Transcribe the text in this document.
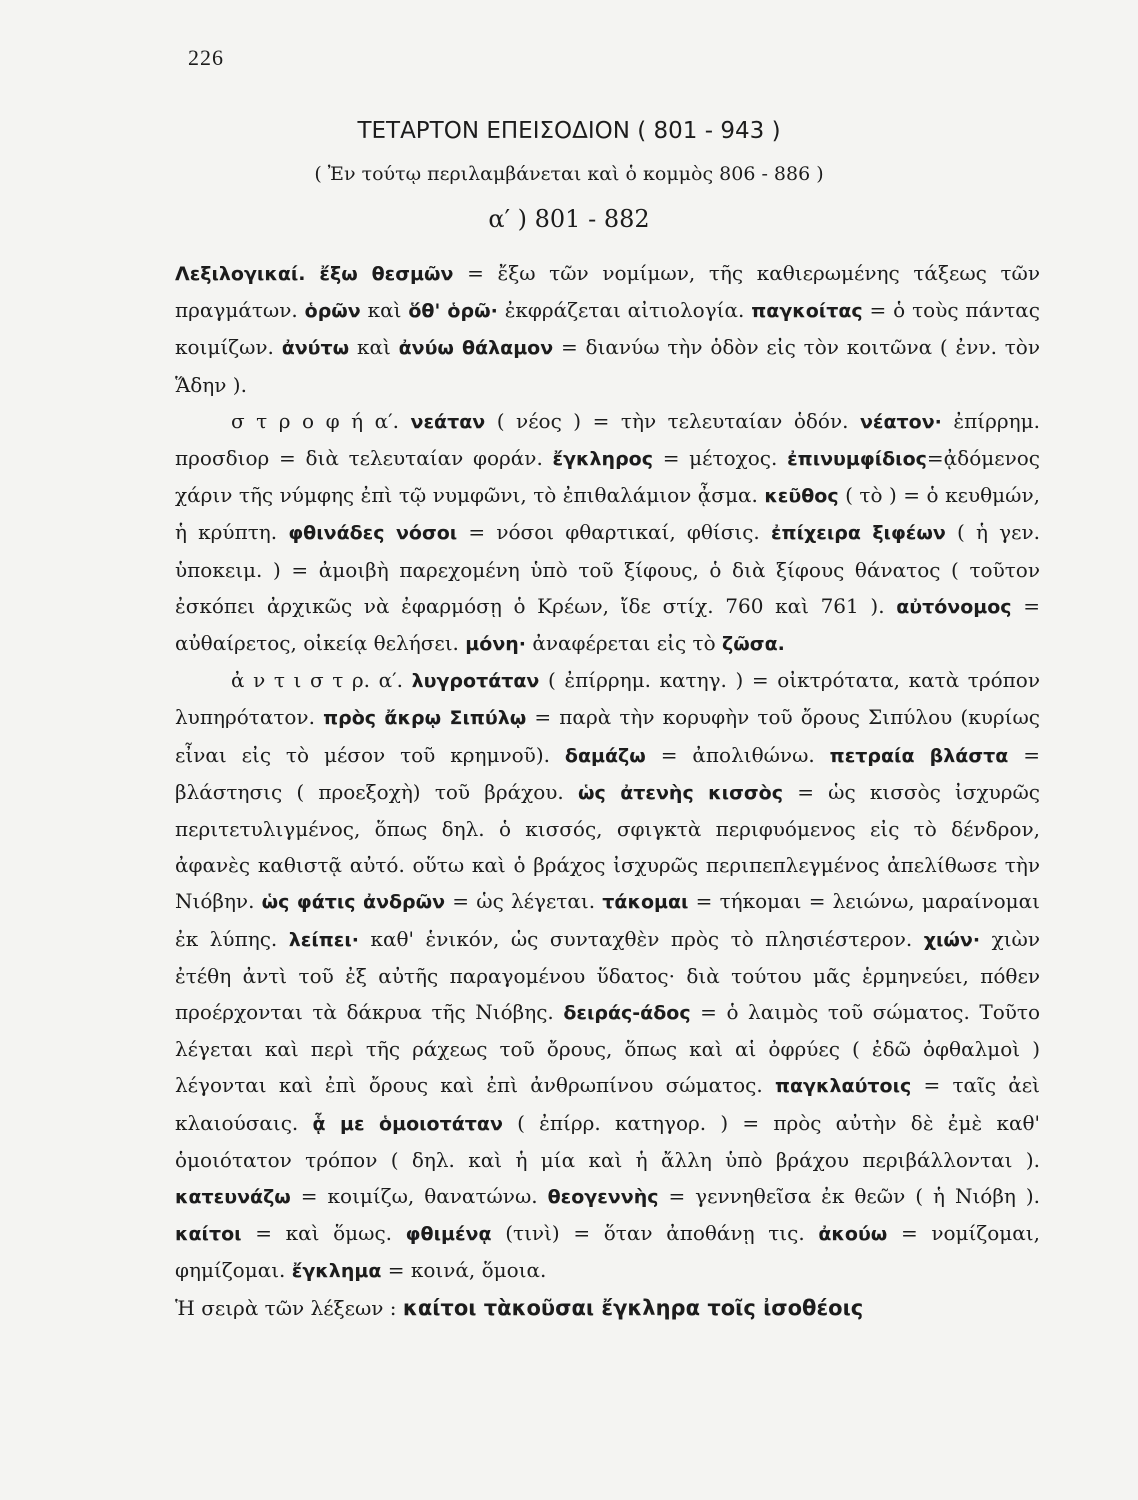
226
ΤΕΤΑΡΤΟΝ ΕΠΕΙΣΟΔΙΟΝ ( 801 - 943 )
( Ἐν τούτῳ περιλαμβάνεται καὶ ὁ κομμὸς 806 - 886 )
α′ ) 801 - 882

Λεξιλογικαί. ἔξω θεσμῶν = ἔξω τῶν νομίμων, τῆς καθιερωμένης τάξεως τῶν πραγμάτων. ὁρῶν καὶ ὅθ' ὁρῶ· ἐκφράζεται αἰτιολογία. παγκοίτας = ὁ τοὺς πάντας κοιμίζων. ἀνύτω καὶ ἀνύω θάλαμον = διανύω τὴν ὁδὸν εἰς τὸν κοιτῶνα ( ἐνν. τὸν Ἅδην ).

σ τ ρ ο φ ή α′. νεάταν ( νέος ) = τὴν τελευταίαν ὁδόν. νέατον· ἐπίρρημ. προσδιορ = διὰ τελευταίαν φοράν. ἔγκληρος = μέτοχος. ἐπινυμφίδιος=ᾀδόμενος χάριν τῆς νύμφης ἐπὶ τῷ νυμφῶνι, τὸ ἐπιθαλάμιον ᾆσμα. κεῦθος ( τὸ ) = ὁ κευθμών, ἡ κρύπτη. φθινάδες νόσοι = νόσοι φθαρτικαί, φθίσις. ἐπίχειρα ξιφέων ( ἡ γεν. ὑποκειμ. ) = ἀμοιβὴ παρεχομένη ὑπὸ τοῦ ξίφους, ὁ διὰ ξίφους θάνατος ( τοῦτον ἐσκόπει ἀρχικῶς νὰ ἐφαρμόσῃ ὁ Κρέων, ἴδε στίχ. 760 καὶ 761 ). αὐτόνομος = αὐθαίρετος, οἰκείᾳ θελήσει. μόνη· ἀναφέρεται εἰς τὸ ζῶσα.

ἀ ν τ ι σ τ ρ. α′. λυγροτάταν ( ἐπίρρημ. κατηγ. ) = οἰκτρότατα, κατὰ τρόπον λυπηρότατον. πρὸς ἄκρῳ Σιπύλῳ = παρὰ τὴν κορυφὴν τοῦ ὄρους Σιπύλου (κυρίως εἶναι εἰς τὸ μέσον τοῦ κρημνοῦ). δαμάζω = ἀπολιθώνω. πετραία βλάστα = βλάστησις ( προεξοχὴ) τοῦ βράχου. ὡς ἀτενὴς κισσὸς = ὡς κισσὸς ἰσχυρῶς περιτετυλιγμένος, ὅπως δηλ. ὁ κισσός, σφιγκτὰ περιφυόμενος εἰς τὸ δένδρον, ἀφανὲς καθιστᾷ αὐτό. οὕτω καὶ ὁ βράχος ἰσχυρῶς περιπεπλεγμένος ἀπελίθωσε τὴν Νιόβην. ὡς φάτις ἀνδρῶν = ὡς λέγεται. τάκομαι = τήκομαι = λειώνω, μαραίνομαι ἐκ λύπης. λείπει· καθ' ἑνικόν, ὡς συνταχθὲν πρὸς τὸ πλησιέστερον. χιών· χιὼν ἐτέθη ἀντὶ τοῦ ἐξ αὐτῆς παραγομένου ὕδατος· διὰ τούτου μᾶς ἑρμηνεύει, πόθεν προέρχονται τὰ δάκρυα τῆς Νιόβης. δειράς-άδος = ὁ λαιμὸς τοῦ σώματος. Τοῦτο λέγεται καὶ περὶ τῆς ράχεως τοῦ ὄρους, ὅπως καὶ αἱ ὀφρύες ( ἐδῶ ὀφθαλμοὶ ) λέγονται καὶ ἐπὶ ὄρους καὶ ἐπὶ ἀνθρωπίνου σώματος. παγκλαύτοις = ταῖς ἀεὶ κλαιούσαις. ᾇ με ὁμοιοτάταν ( ἐπίρρ. κατηγορ. ) = πρὸς αὐτὴν δὲ ἐμὲ καθ' ὁμοιότατον τρόπον ( δηλ. καὶ ἡ μία καὶ ἡ ἄλλη ὑπὸ βράχου περιβάλλονται ). κατευνάζω = κοιμίζω, θανατώνω. θεογεννὴς = γεννηθεῖσα ἐκ θεῶν ( ἡ Νιόβη ). καίτοι = καὶ ὅμως. φθιμένᾳ (τινὶ) = ὅταν ἀποθάνῃ τις. ἀκούω = νομίζομαι, φημίζομαι. ἔγκλημα = κοινά, ὅμοια.

Ἡ σειρὰ τῶν λέξεων : καίτοι τὰκοῦσαι ἔγκληρα τοῖς ἰσοθέοις
